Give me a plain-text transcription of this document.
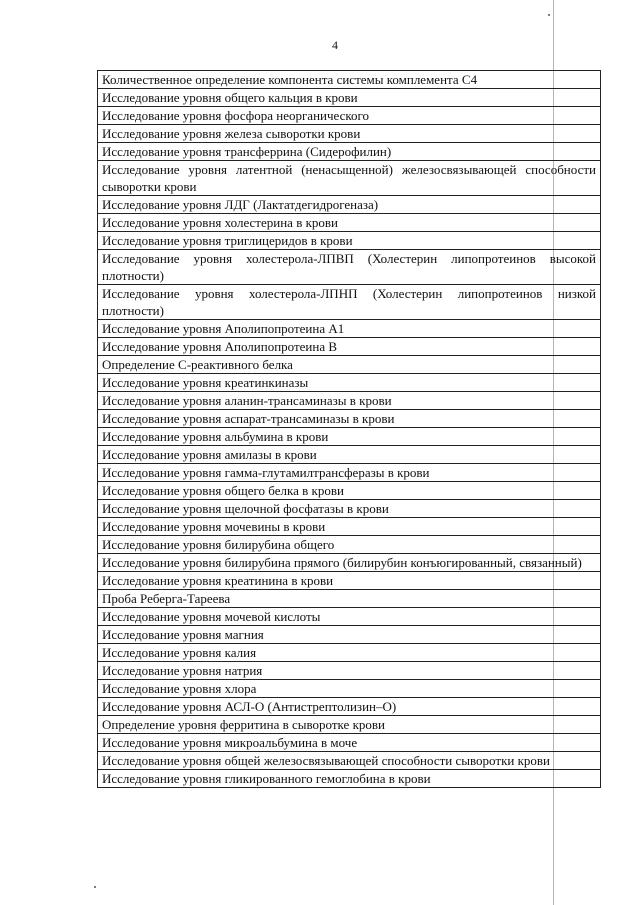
4
Количественное определение компонента системы комплемента С4
Исследование уровня общего кальция в крови
Исследование уровня фосфора неорганического
Исследование уровня железа сыворотки крови
Исследование уровня трансферрина (Сидерофилин)
Исследование уровня латентной (ненасыщенной) железосвязывающей способности сыворотки крови
Исследование уровня ЛДГ (Лактатдегидрогеназа)
Исследование уровня холестерина в крови
Исследование уровня триглицеридов в крови
Исследование уровня холестерола-ЛПВП (Холестерин липопротеинов высокой плотности)
Исследование уровня холестерола-ЛПНП (Холестерин липопротеинов низкой плотности)
Исследование уровня Аполипопротеина А1
Исследование уровня Аполипопротеина В
Определение С-реактивного белка
Исследование уровня креатинкиназы
Исследование уровня аланин-трансаминазы в крови
Исследование уровня аспарат-трансаминазы в крови
Исследование уровня альбумина в крови
Исследование уровня амилазы в крови
Исследование уровня гамма-глутамилтрансферазы в крови
Исследование уровня общего белка в крови
Исследование уровня щелочной фосфатазы в крови
Исследование уровня мочевины в крови
Исследование уровня билирубина общего
Исследование уровня билирубина прямого (билирубин конъюгированный, связанный)
Исследование уровня креатинина в крови
Проба Реберга-Тареева
Исследование уровня мочевой кислоты
Исследование уровня магния
Исследование уровня калия
Исследование уровня натрия
Исследование уровня хлора
Исследование уровня АСЛ-О (Антистрептолизин–О)
Определение уровня ферритина в сыворотке крови
Исследование уровня микроальбумина в моче
Исследование уровня общей железосвязывающей способности сыворотки крови
Исследование уровня гликированного гемоглобина в крови
